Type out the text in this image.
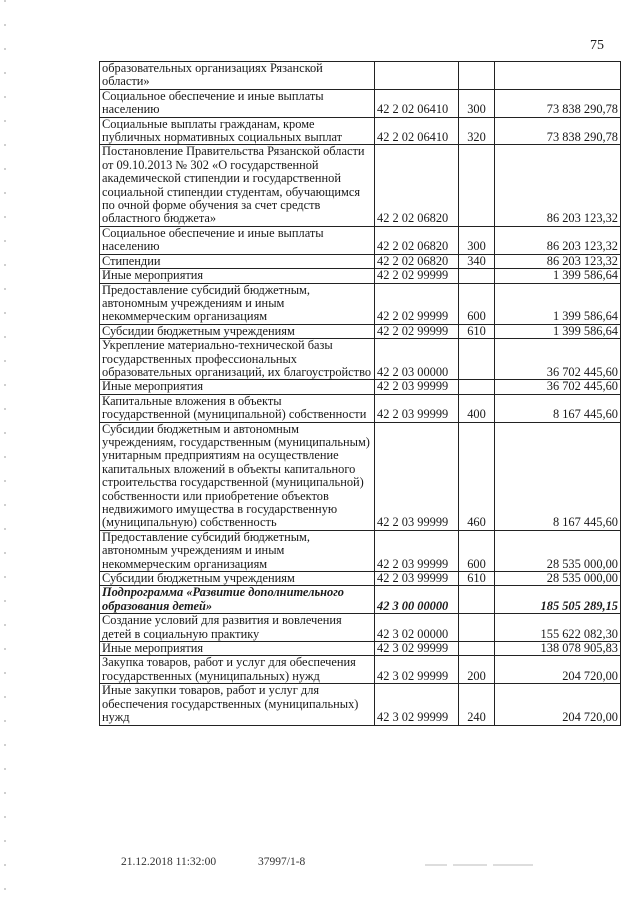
75
образовательных организациях Рязанской области»			
Социальное обеспечение и иные выплаты населению	42 2 02 06410	300	73 838 290,78
Социальные выплаты гражданам, кроме публичных нормативных социальных выплат	42 2 02 06410	320	73 838 290,78
Постановление Правительства Рязанской области от 09.10.2013 № 302 «О государственной академической стипендии и государственной социальной стипендии студентам, обучающимся по очной форме обучения за счет средств областного бюджета»	42 2 02 06820		86 203 123,32
Социальное обеспечение и иные выплаты населению	42 2 02 06820	300	86 203 123,32
Стипендии	42 2 02 06820	340	86 203 123,32
Иные мероприятия	42 2 02 99999		1 399 586,64
Предоставление субсидий бюджетным, автономным учреждениям и иным некоммерческим организациям	42 2 02 99999	600	1 399 586,64
Субсидии бюджетным учреждениям	42 2 02 99999	610	1 399 586,64
Укрепление материально-технической базы государственных профессиональных образовательных организаций, их благоустройство	42 2 03 00000		36 702 445,60
Иные мероприятия	42 2 03 99999		36 702 445,60
Капитальные вложения в объекты государственной (муниципальной) собственности	42 2 03 99999	400	8 167 445,60
Субсидии бюджетным и автономным учреждениям, государственным (муниципальным) унитарным предприятиям на осуществление капитальных вложений в объекты капитального строительства государственной (муниципальной) собственности или приобретение объектов недвижимого имущества в государственную (муниципальную) собственность	42 2 03 99999	460	8 167 445,60
Предоставление субсидий бюджетным, автономным учреждениям и иным некоммерческим организациям	42 2 03 99999	600	28 535 000,00
Субсидии бюджетным учреждениям	42 2 03 99999	610	28 535 000,00
Подпрограмма «Развитие дополнительного образования детей»	42 3 00 00000		185 505 289,15
Создание условий для развития и вовлечения детей в социальную практику	42 3 02 00000		155 622 082,30
Иные мероприятия	42 3 02 99999		138 078 905,83
Закупка товаров, работ и услуг для обеспечения государственных (муниципальных) нужд	42 3 02 99999	200	204 720,00
Иные закупки товаров, работ и услуг для обеспечения государственных (муниципальных) нужд	42 3 02 99999	240	204 720,00
21.12.2018 11:32:00	37997/1-8
